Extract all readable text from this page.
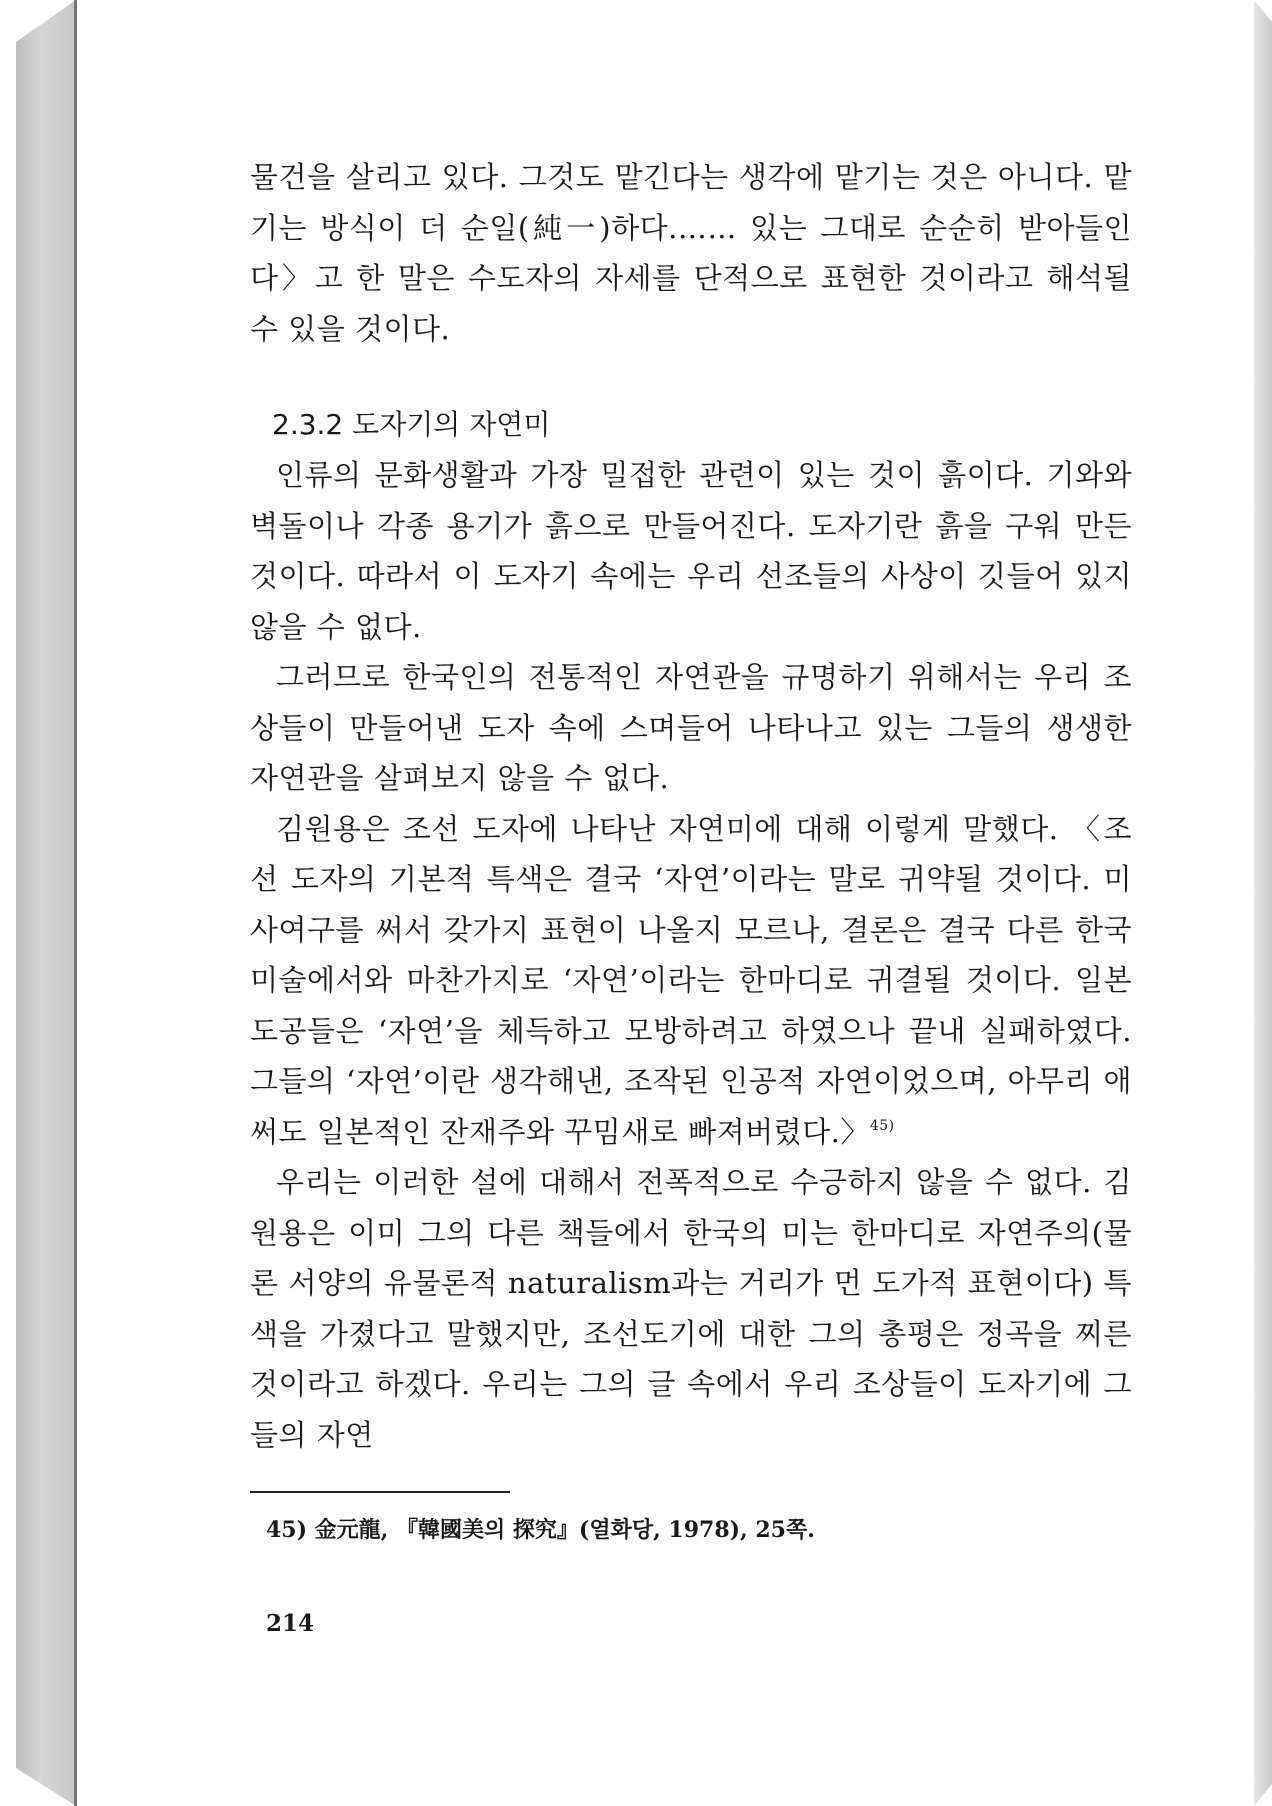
물건을 살리고 있다. 그것도 맡긴다는 생각에 맡기는 것은 아니다. 맡기는 방식이 더 순일(純一)하다.…… 있는 그대로 순순히 받아들인다〉고 한 말은 수도자의 자세를 단적으로 표현한 것이라고 해석될 수 있을 것이다.

2.3.2 도자기의 자연미

인류의 문화생활과 가장 밀접한 관련이 있는 것이 흙이다. 기와와 벽돌이나 각종 용기가 흙으로 만들어진다. 도자기란 흙을 구워 만든 것이다. 따라서 이 도자기 속에는 우리 선조들의 사상이 깃들어 있지 않을 수 없다.

그러므로 한국인의 전통적인 자연관을 규명하기 위해서는 우리 조상들이 만들어낸 도자 속에 스며들어 나타나고 있는 그들의 생생한 자연관을 살펴보지 않을 수 없다.

김원용은 조선 도자에 나타난 자연미에 대해 이렇게 말했다. 〈조선 도자의 기본적 특색은 결국 ‘자연’이라는 말로 귀약될 것이다. 미사여구를 써서 갖가지 표현이 나올지 모르나, 결론은 결국 다른 한국 미술에서와 마찬가지로 ‘자연’이라는 한마디로 귀결될 것이다. 일본도공들은 ‘자연’을 체득하고 모방하려고 하였으나 끝내 실패하였다. 그들의 ‘자연’이란 생각해낸, 조작된 인공적 자연이었으며, 아무리 애써도 일본적인 잔재주와 꾸밈새로 빠져버렸다.〉$^{45)}$

우리는 이러한 설에 대해서 전폭적으로 수긍하지 않을 수 없다. 김원용은 이미 그의 다른 책들에서 한국의 미는 한마디로 자연주의(물론 서양의 유물론적 naturalism과는 거리가 먼 도가적 표현이다) 특색을 가졌다고 말했지만, 조선도기에 대한 그의 총평은 정곡을 찌른 것이라고 하겠다. 우리는 그의 글 속에서 우리 조상들이 도자기에 그들의 자연

45) 金元龍, 『韓國美의 探究』(열화당, 1978), 25쪽.

214
